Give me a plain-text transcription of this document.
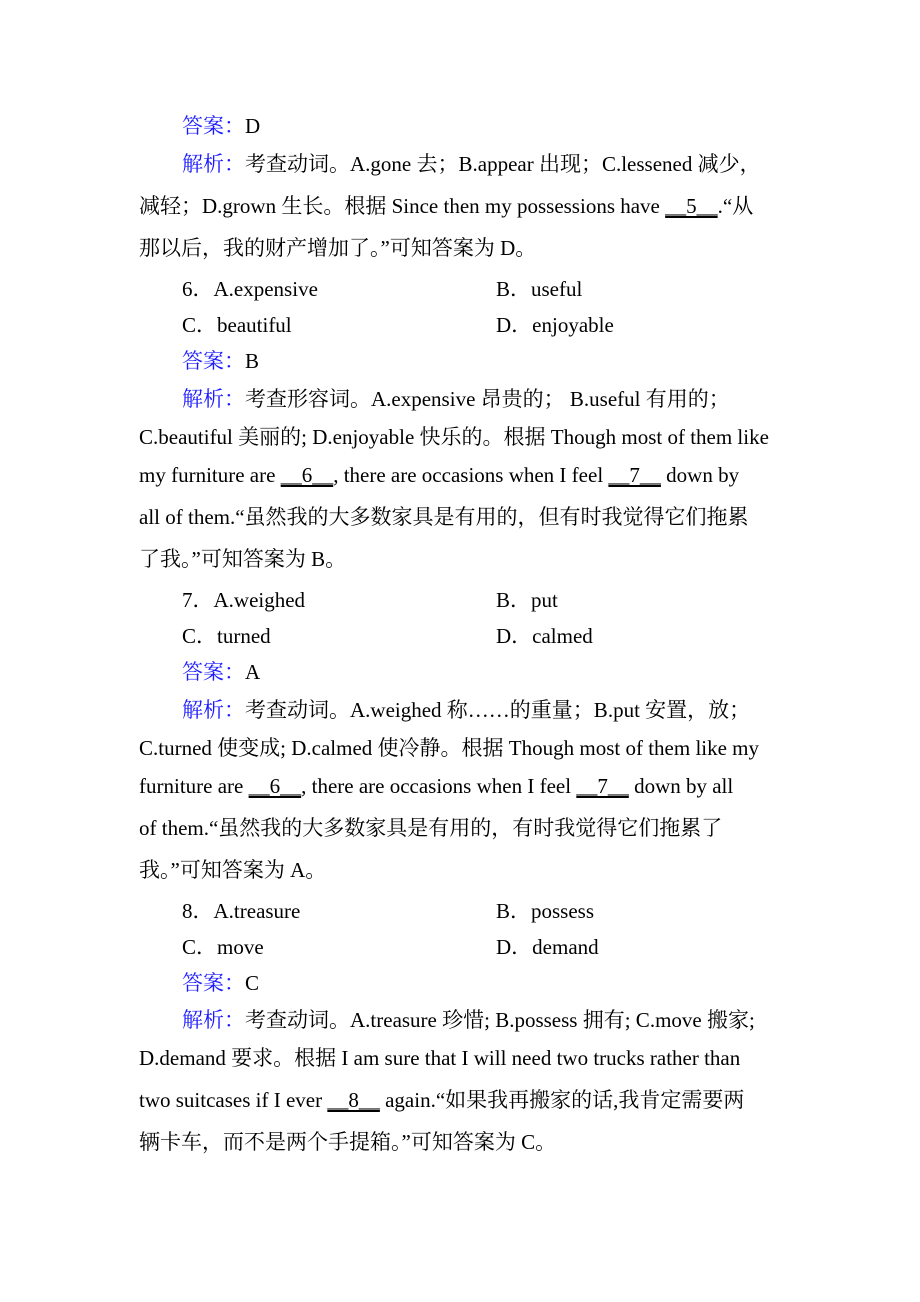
答案：D
解析：考查动词。A.gone 去；B.appear 出现；C.lessened 减少，
减轻；D.grown 生长。根据 Since then my possessions have __5__.“从
那以后，我的财产增加了。”可知答案为 D。
6．A.expensive	B．useful
C．beautiful	D．enjoyable
答案：B
解析：考查形容词。A.expensive 昂贵的； B.useful 有用的；
C.beautiful 美丽的; D.enjoyable 快乐的。根据 Though most of them like
my furniture are __6__, there are occasions when I feel __7__ down by
all of them.“虽然我的大多数家具是有用的，但有时我觉得它们拖累
了我。”可知答案为 B。
7．A.weighed	B．put
C．turned	D．calmed
答案：A
解析：考查动词。A.weighed 称……的重量；B.put 安置，放；
C.turned 使变成; D.calmed 使冷静。根据 Though most of them like my
furniture are __6__, there are occasions when I feel __7__ down by all
of them.“虽然我的大多数家具是有用的，有时我觉得它们拖累了
我。”可知答案为 A。
8．A.treasure	B．possess
C．move	D．demand
答案：C
解析：考查动词。A.treasure 珍惜; B.possess 拥有; C.move 搬家;
D.demand 要求。根据 I am sure that I will need two trucks rather than
two suitcases if I ever __8__ again.“如果我再搬家的话,我肯定需要两
辆卡车，而不是两个手提箱。”可知答案为 C。
